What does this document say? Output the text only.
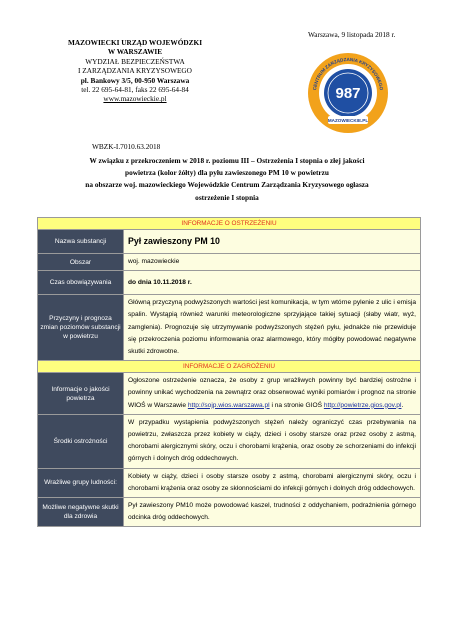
MAZOWIECKI URZĄD WOJEWÓDZKI
W WARSZAWIE
WYDZIAŁ BEZPIECZEŃSTWA
I ZARZĄDZANIA KRYZYSOWEGO
pl. Bankowy 3/5, 00-950 Warszawa
tel. 22 695-64-81, faks 22 695-64-84
www.mazowieckie.pl
Warszawa, 9 listopada 2018 r.
CENTRUM ZARZĄDZANIA KRYZYSOWEGO
987
MAZOWIECKIE.PL
WBZK-I.7010.63.2018
W związku z przekroczeniem w 2018 r. poziomu III – Ostrzeżenia I stopnia o złej jakości
powietrza (kolor żółty) dla pyłu zawieszonego PM 10 w powietrzu
na obszarze woj. mazowieckiego Wojewódzkie Centrum Zarządzania Kryzysowego ogłasza
ostrzeżenie I stopnia
INFORMACJE O OSTRZEŻENIU	
Nazwa substancji	Pył zawieszony PM 10
Obszar	woj. mazowieckie
Czas obowiązywania	do dnia 10.11.2018 r.
Przyczyny i prognoza zmian poziomów substancji w powietrzu	Główną przyczyną podwyższonych wartości jest komunikacja, w tym wtórne pylenie z ulic i emisja spalin. Wystąpią również warunki meteorologiczne sprzyjające takiej sytuacji (słaby wiatr, wyż, zamglenia). Prognozuje się utrzymywanie podwyższonych stężeń pyłu, jednakże nie przewiduje się przekroczenia poziomu informowania oraz alarmowego, który mógłby powodować negatywne skutki zdrowotne.
INFORMACJE O ZAGROŻENIU	
Informacje o jakości powietrza	Ogłoszone ostrzeżenie oznacza, że osoby z grup wrażliwych powinny być bardziej ostrożne i powinny unikać wychodzenia na zewnątrz oraz obserwować wyniki pomiarów i prognoz na stronie WIOŚ w Warszawie http://sojp.wios.warszawa.pl i na stronie GIOŚ http://powietrze.gios.gov.pl.
Środki ostrożności	W przypadku wystąpienia podwyższonych stężeń należy ograniczyć czas przebywania na powietrzu, zwłaszcza przez kobiety w ciąży, dzieci i osoby starsze oraz przez osoby z astmą, chorobami alergicznymi skóry, oczu i chorobami krążenia, oraz osoby ze schorzeniami do infekcji górnych i dolnych dróg oddechowych.
Wrażliwe grupy ludności:	Kobiety w ciąży, dzieci i osoby starsze osoby z astmą, chorobami alergicznymi skóry, oczu i chorobami krążenia oraz osoby ze skłonnościami do infekcji górnych i dolnych dróg oddechowych.
Możliwe negatywne skutki dla zdrowia	Pył zawieszony PM10 może powodować kaszel, trudności z oddychaniem, podrażnienia górnego odcinka dróg oddechowych.
